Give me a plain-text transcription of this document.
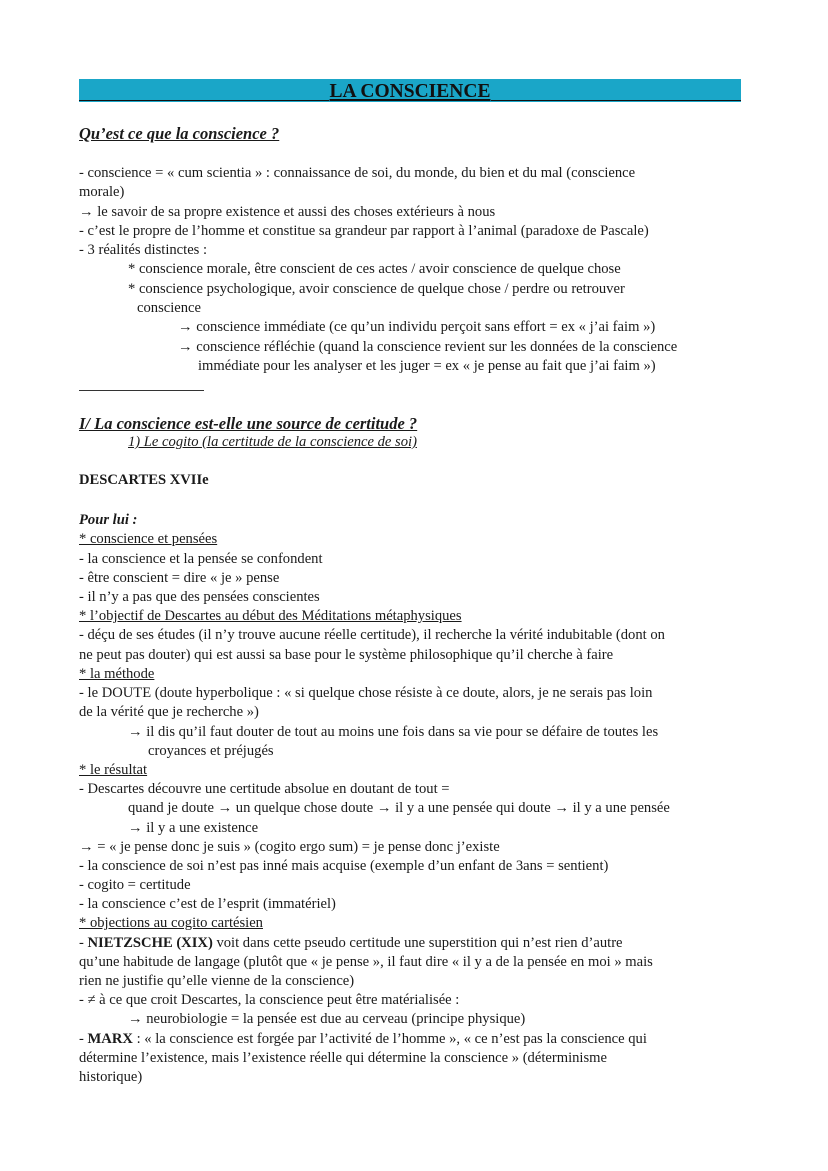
LA CONSCIENCE
Qu’est ce que la conscience ?
- conscience = « cum scientia » : connaissance de soi, du monde, du bien et du mal (conscience
morale)
→ le savoir de sa propre existence et aussi des choses extérieurs à nous
- c’est le propre de l’homme et constitue sa grandeur par rapport à l’animal (paradoxe de Pascale)
- 3 réalités distinctes :
* conscience morale, être conscient de ces actes / avoir conscience de quelque chose
* conscience psychologique, avoir conscience de quelque chose / perdre ou retrouver
conscience
→ conscience immédiate (ce qu’un individu perçoit sans effort = ex « j’ai faim »)
→ conscience réfléchie (quand la conscience revient sur les données de la conscience
immédiate pour les analyser et les juger = ex « je pense au fait que j’ai faim »)
I/ La conscience est-elle une source de certitude ?
1) Le cogito (la certitude de la conscience de soi)
DESCARTES XVIIe
Pour lui :
* conscience et pensées
- la conscience et la pensée se confondent
- être conscient = dire « je » pense
- il n’y a pas que des pensées conscientes
* l’objectif de Descartes au début des Méditations métaphysiques
- déçu de ses études (il n’y trouve aucune réelle certitude), il recherche la vérité indubitable (dont on
ne peut pas douter) qui est aussi sa base pour le système philosophique qu’il cherche à faire
* la méthode
- le DOUTE (doute hyperbolique : « si quelque chose résiste à ce doute, alors, je ne serais pas loin
de la vérité que je recherche »)
→ il dis qu’il faut douter de tout au moins une fois dans sa vie pour se défaire de toutes les
croyances et préjugés
* le résultat
- Descartes découvre une certitude absolue en doutant de tout =
quand je doute → un quelque chose doute → il y a une pensée qui doute → il y a une pensée
→ il y a une existence
→ = « je pense donc je suis » (cogito ergo sum) = je pense donc j’existe
- la conscience de soi n’est pas inné mais acquise (exemple d’un enfant de 3ans = sentient)
- cogito = certitude
- la conscience c’est de l’esprit (immatériel)
* objections au cogito cartésien
- NIETZSCHE (XIX) voit dans cette pseudo certitude une superstition qui n’est rien d’autre
qu’une habitude de langage (plutôt que « je pense », il faut dire « il y a de la pensée en moi » mais
rien ne justifie qu’elle vienne de la conscience)
- ≠ à ce que croit Descartes, la conscience peut être matérialisée :
→ neurobiologie = la pensée est due au cerveau (principe physique)
- MARX : « la conscience est forgée par l’activité de l’homme », « ce n’est pas la conscience qui
détermine l’existence, mais l’existence réelle qui détermine la conscience » (déterminisme
historique)
